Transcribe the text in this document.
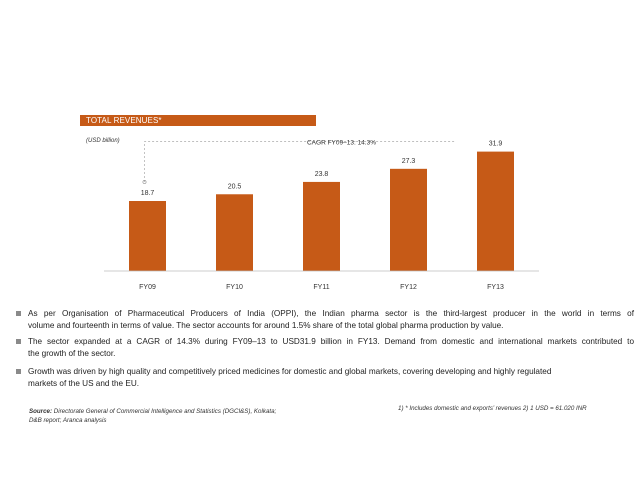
TOTAL REVENUES*
(USD billion)
18.7
FY09
20.5
FY10
23.8
FY11
27.3
FY12
31.9
FY13
CAGR FY09–13: 14.3%
As per Organisation of Pharmaceutical Producers of India (OPPI), the Indian pharma sector is the third-largest producer in the world in terms of
volume and fourteenth in terms of value. The sector accounts for around 1.5% share of the total global pharma production by value.
The sector expanded at a CAGR of 14.3% during FY09–13 to USD31.9 billion in FY13. Demand from domestic and international markets contributed to
the growth of the sector.
Growth was driven by high quality and competitively priced medicines for domestic and global markets, covering developing and highly regulated
markets of the US and the EU.
Source: Directorate General of Commercial Intelligence and Statistics (DGCI&S), Kolkata;
D&B report; Aranca analysis
1) * Includes domestic and exports’ revenues 2) 1 USD = 61.020 INR
